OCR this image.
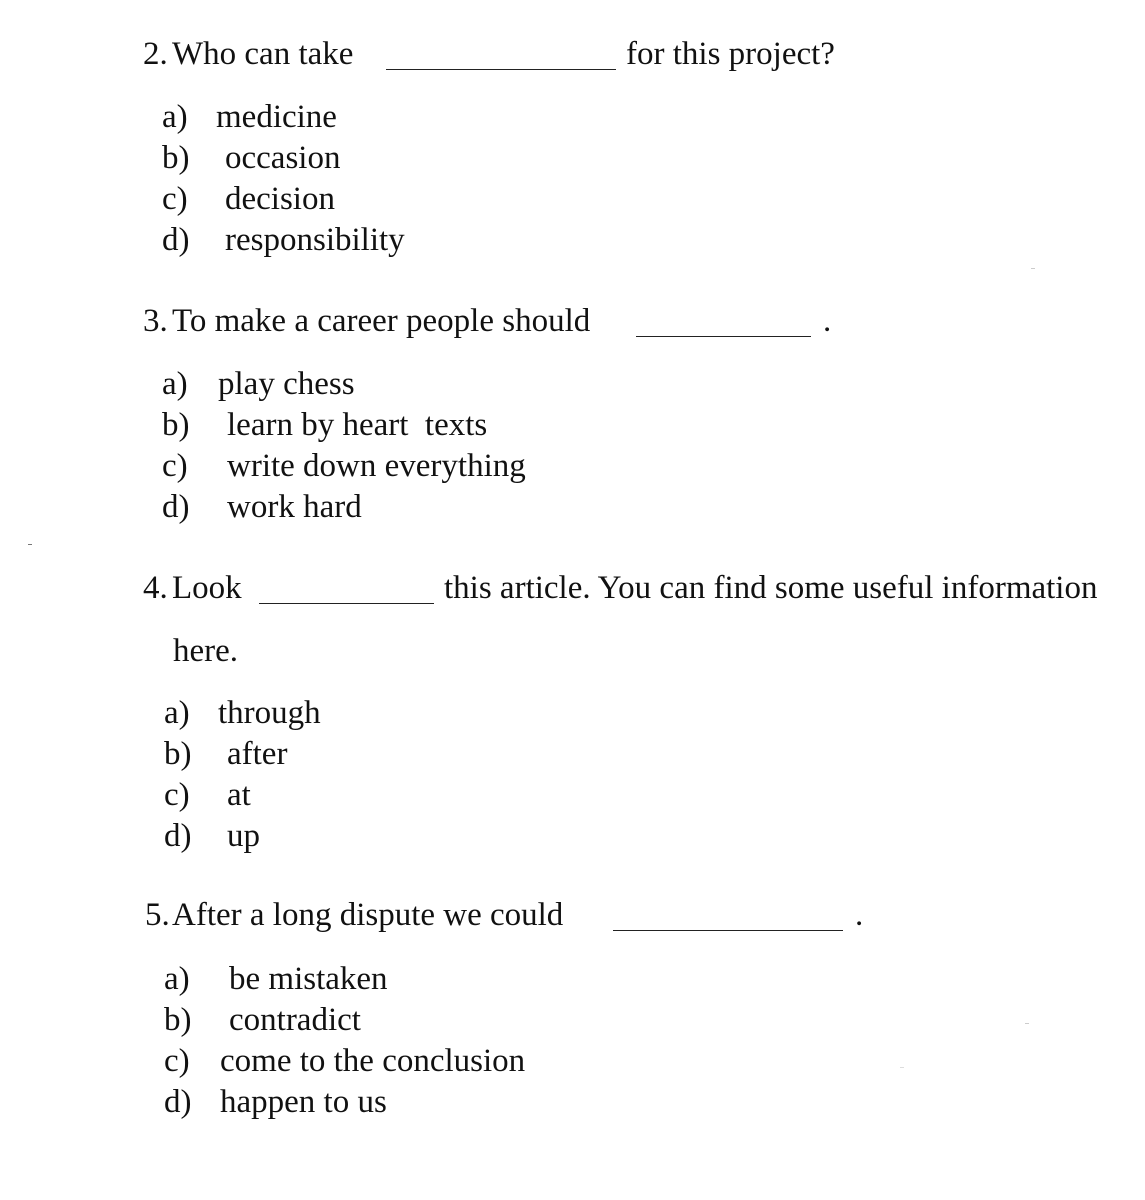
2. Who can take	for this project?
a) medicine
b) occasion
c) decision
d) responsibility
3. To make a career people should	.
a) play chess
b) learn by heart  texts
c) write down everything
d) work hard
4. Look	this article. You can find some useful information
here.
a) through
b) after
c) at
d) up
5. After a long dispute we could	.
a) be mistaken
b) contradict
c) come to the conclusion
d) happen to us
